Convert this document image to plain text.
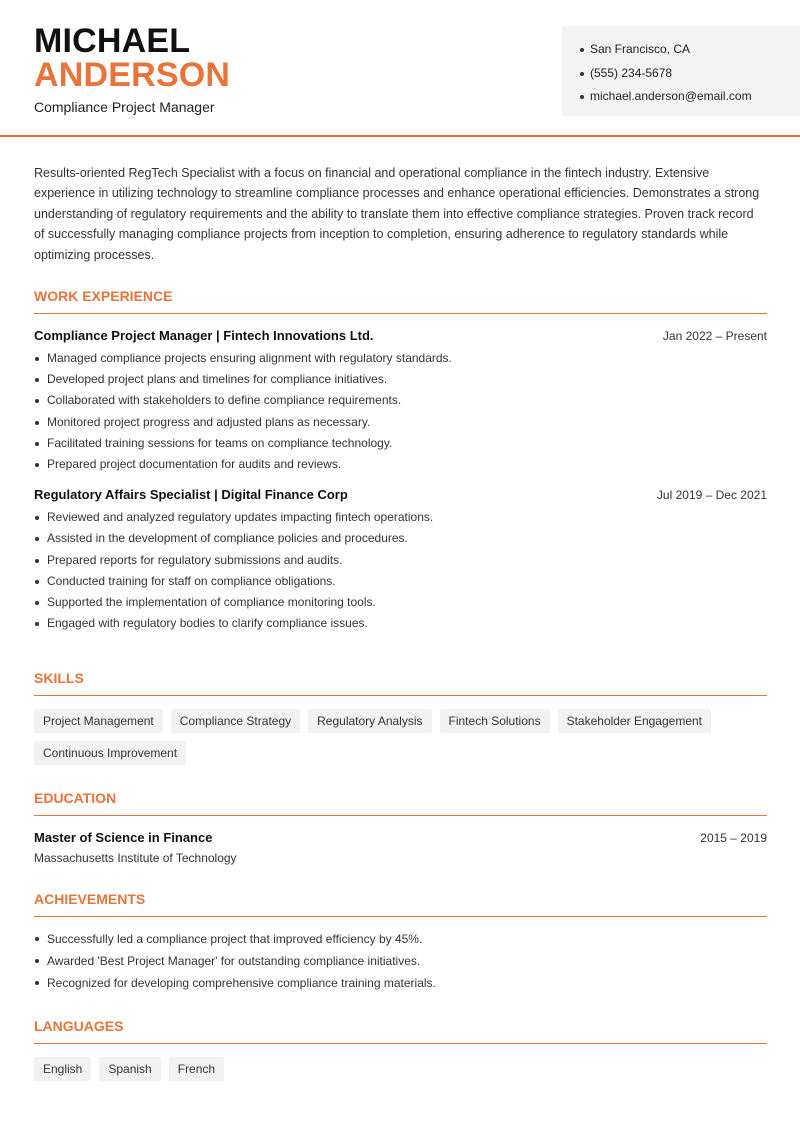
MICHAEL
ANDERSON
Compliance Project Manager
San Francisco, CA
(555) 234-5678
michael.anderson@email.com

Results-oriented RegTech Specialist with a focus on financial and operational compliance in the fintech industry. Extensive experience in utilizing technology to streamline compliance processes and enhance operational efficiencies. Demonstrates a strong understanding of regulatory requirements and the ability to translate them into effective compliance strategies. Proven track record of successfully managing compliance projects from inception to completion, ensuring adherence to regulatory standards while optimizing processes.

WORK EXPERIENCE
Compliance Project Manager | Fintech Innovations Ltd.	Jan 2022 – Present
Managed compliance projects ensuring alignment with regulatory standards.
Developed project plans and timelines for compliance initiatives.
Collaborated with stakeholders to define compliance requirements.
Monitored project progress and adjusted plans as necessary.
Facilitated training sessions for teams on compliance technology.
Prepared project documentation for audits and reviews.
Regulatory Affairs Specialist | Digital Finance Corp	Jul 2019 – Dec 2021
Reviewed and analyzed regulatory updates impacting fintech operations.
Assisted in the development of compliance policies and procedures.
Prepared reports for regulatory submissions and audits.
Conducted training for staff on compliance obligations.
Supported the implementation of compliance monitoring tools.
Engaged with regulatory bodies to clarify compliance issues.
SKILLS
Project Management	Compliance Strategy	Regulatory Analysis	Fintech Solutions	Stakeholder Engagement
Continuous Improvement
EDUCATION
Master of Science in Finance	2015 – 2019
Massachusetts Institute of Technology
ACHIEVEMENTS
Successfully led a compliance project that improved efficiency by 45%.
Awarded 'Best Project Manager' for outstanding compliance initiatives.
Recognized for developing comprehensive compliance training materials.
LANGUAGES
English	Spanish	French
